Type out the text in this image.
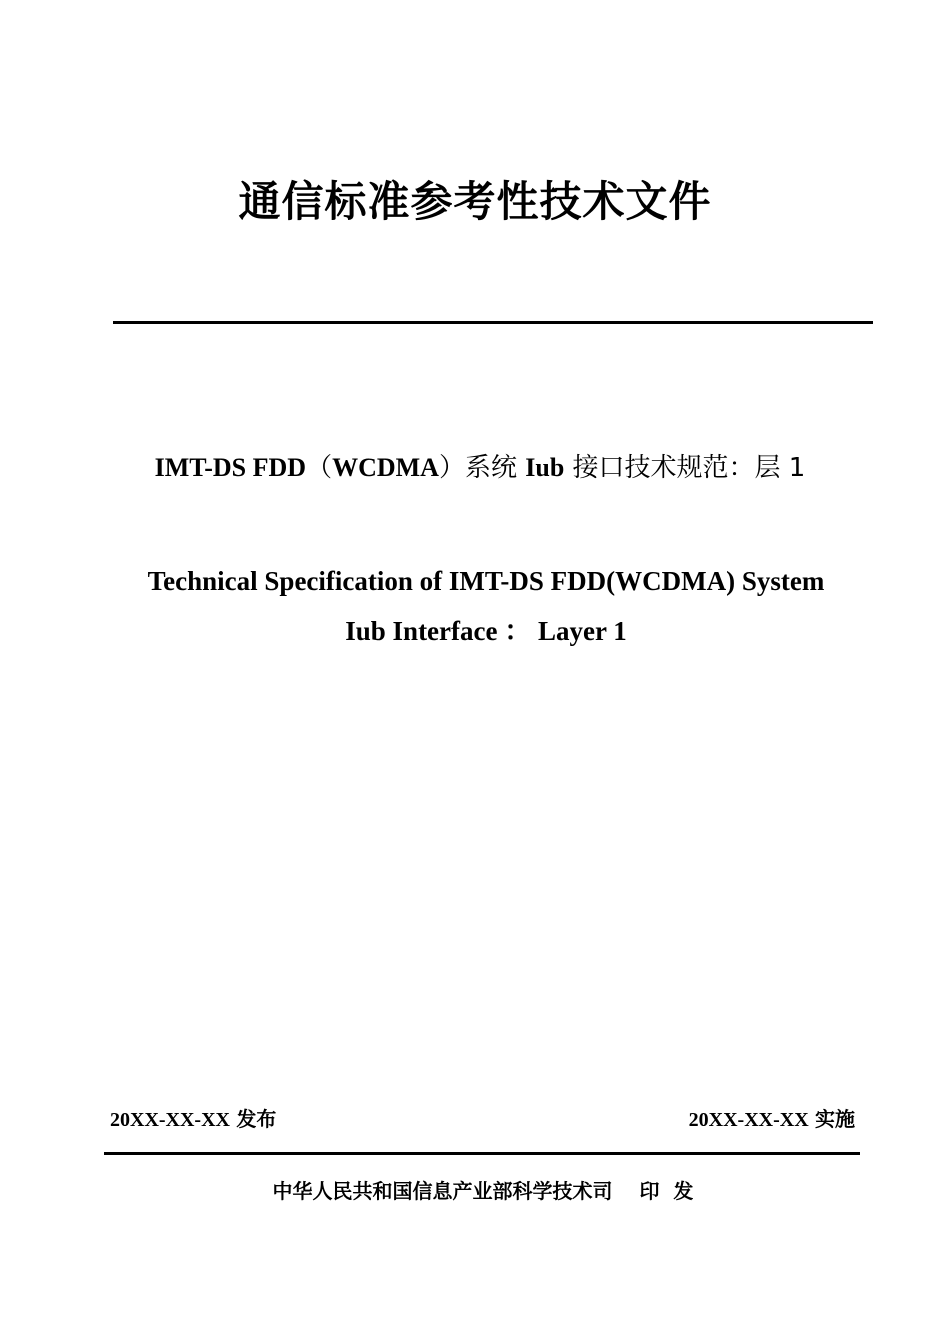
通信标准参考性技术文件
IMT-DS FDD（WCDMA）系统 Iub 接口技术规范：层 1
Technical Specification of IMT-DS FDD(WCDMA) System
Iub Interface ： Layer 1
20XX-XX-XX 发布	20XX-XX-XX 实施
中华人民共和国信息产业部科学技术司　 印  发
